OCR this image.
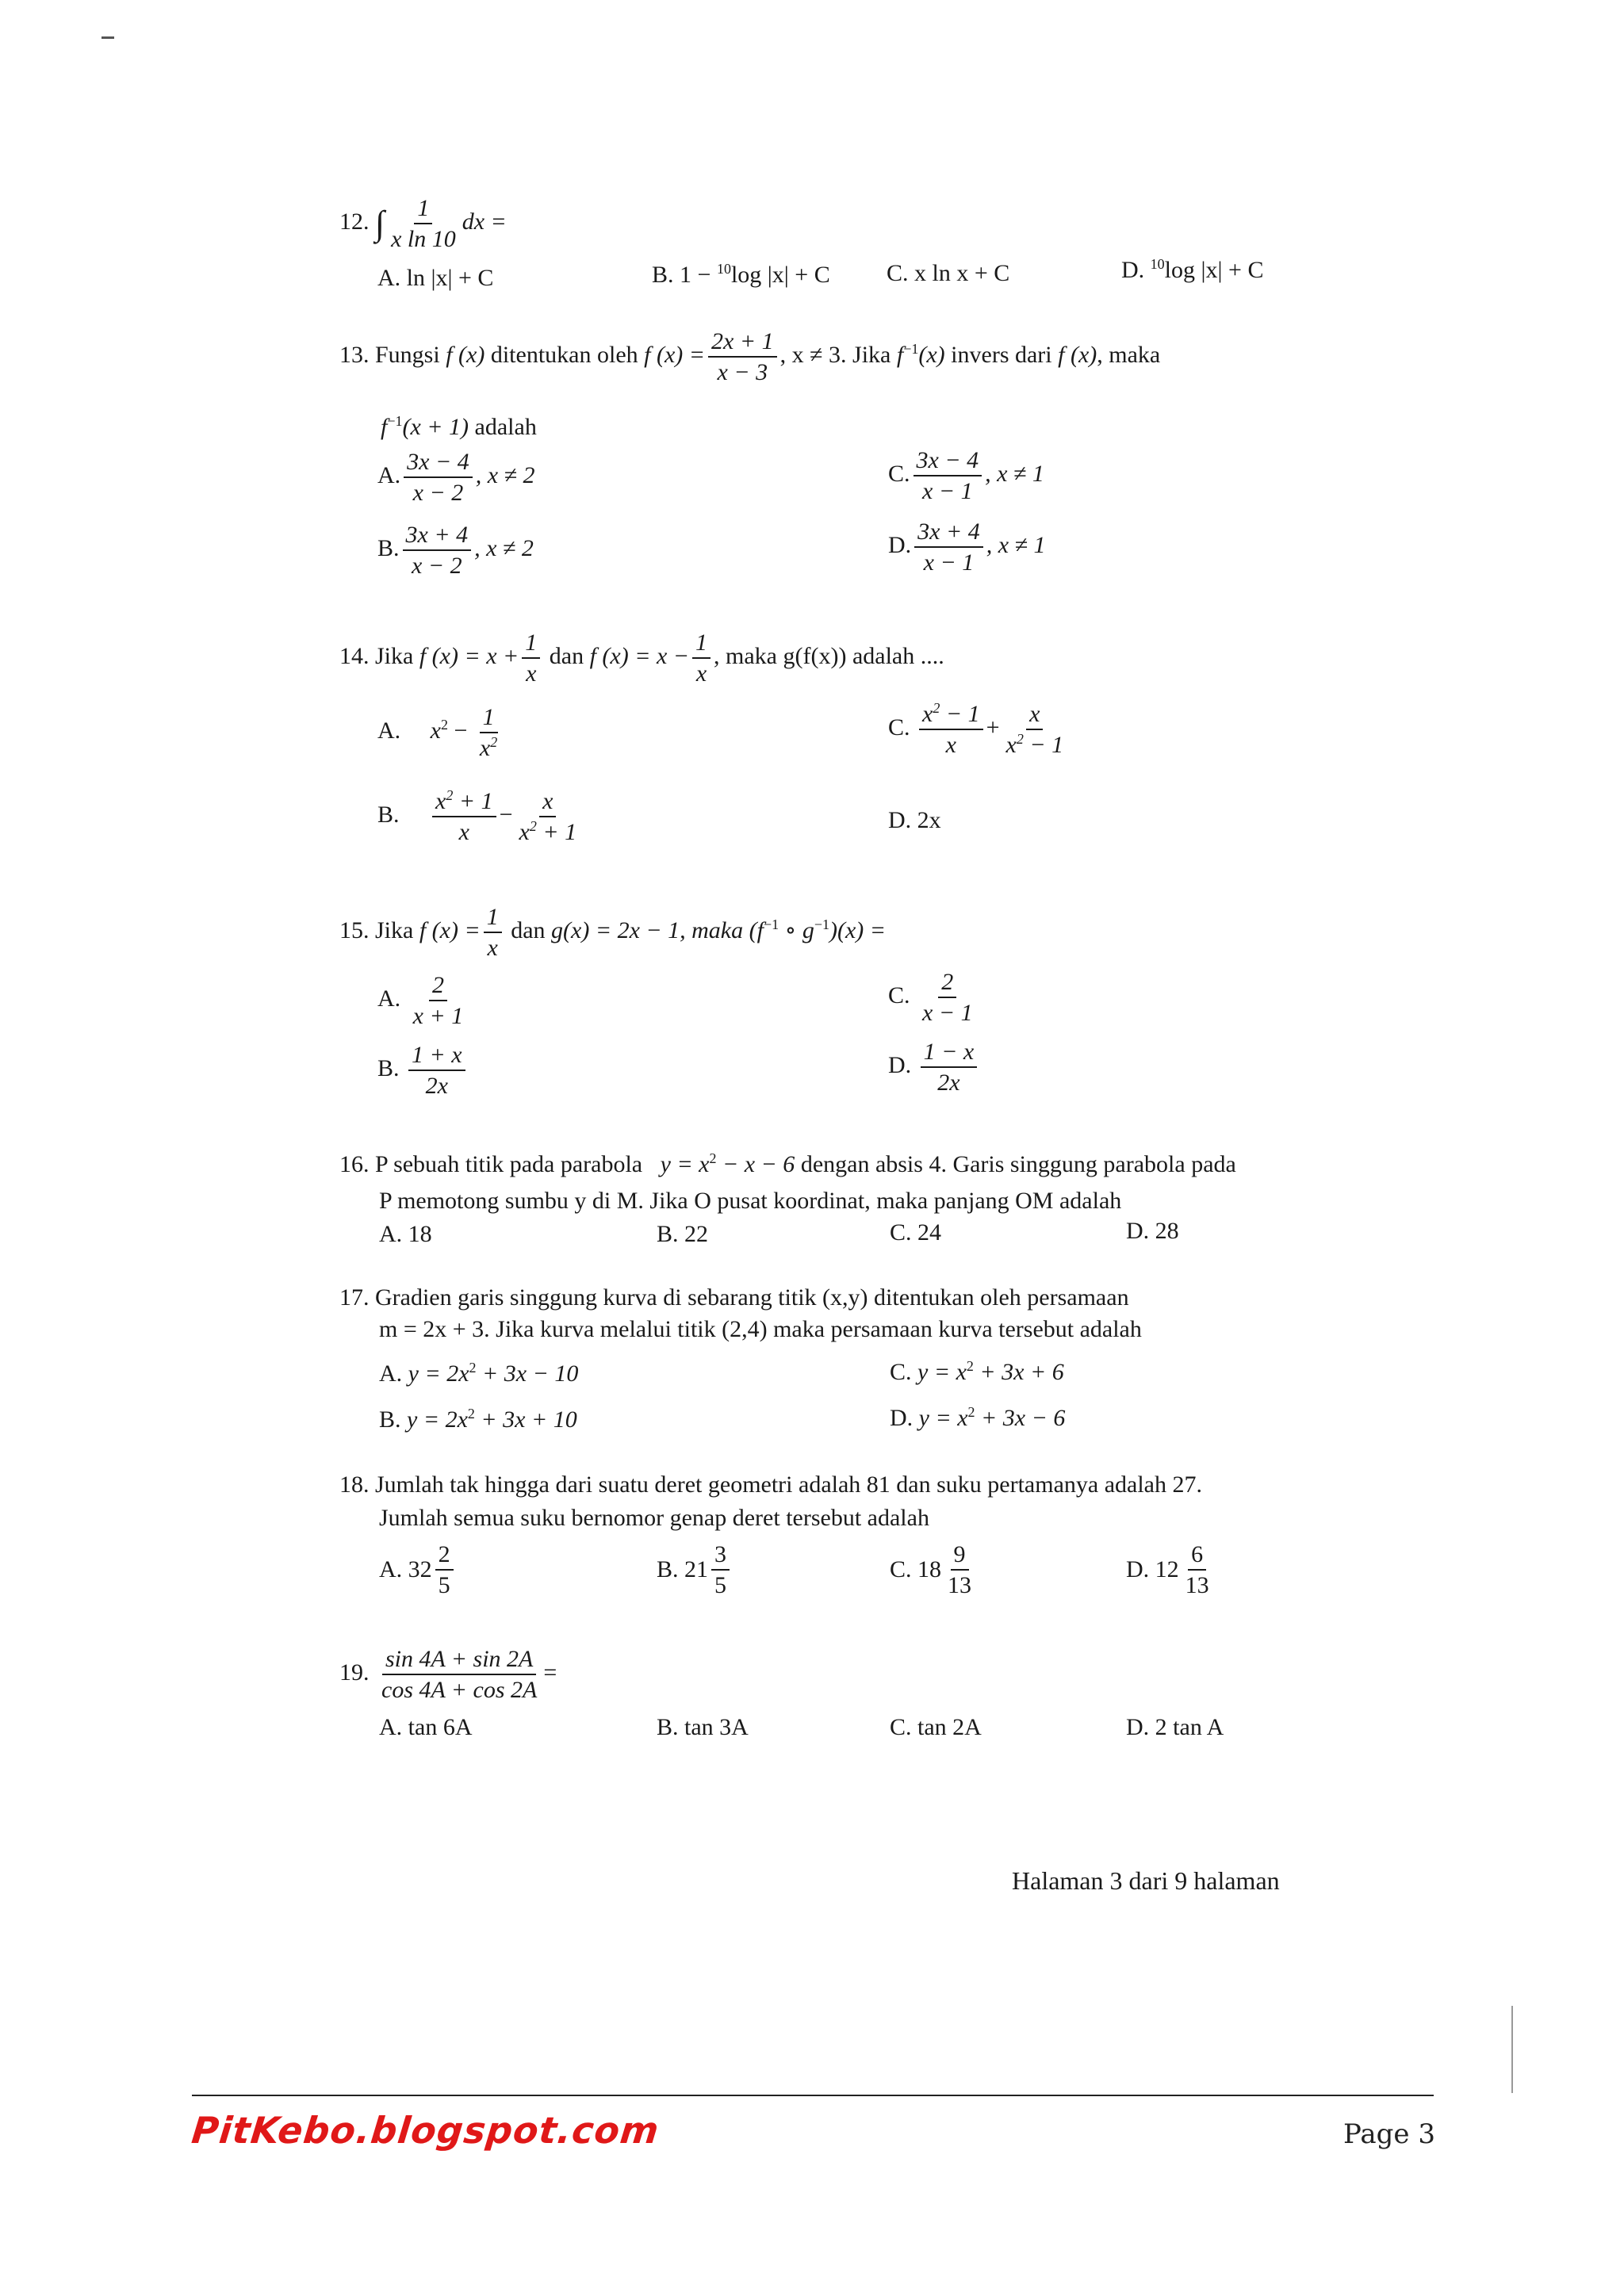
12. ∫ $\frac{1}{\text{x ln 10}}$ dx =
A. ln |x| + C	B. 1 − $^{10}$log |x| + C C. x ln x + C	D. $^{10}$log |x| + C
13. Fungsi f (x) ditentukan oleh f $(x) = \frac{2x + 1}{x - 3}$ , x ≠ 3. Jika $f^{-1}(x)$ invers dari f (x), maka
$f^{-1}(x + 1)$ adalah
A. $\frac{3x - 4}{x - 2}$ , x ≠ 2
B. $\frac{3x + 4}{x - 2}$ , x ≠ 2
C. $\frac{3x - 4}{x - 1}$ , x ≠ 1
D. $\frac{3x + 4}{x - 1}$ , x ≠ 1
14. Jika f $(x) = x + \frac{1}{x}$ dan f $(x) = x - \frac{1}{x}$ , maka g(f(x)) adalah ....
A. $x^2 - \frac{1}{x^2}$
B. $\frac{x^2 + 1}{x} - \frac{x}{x^2 + 1}$
C. $\frac{x^2 - 1}{x} + \frac{x}{x^2 - 1}$
D. 2x
15. Jika f $(x) = \frac{1}{x}$ dan g(x) = 2x − 1, maka ($f^{-1}$ ∘ $g^{-1})(x)$ =
A. $\frac{2}{x + 1}$
B. $\frac{1 + x}{2x}$
C. $\frac{2}{x - 1}$
D. $\frac{1 - x}{2x}$
16. P sebuah titik pada parabola $y = x^2 - x - 6$ dengan absis 4. Garis singgung parabola pada
P memotong sumbu y di M. Jika O pusat koordinat, maka panjang OM adalah
A. 18	B. 22	C. 24	D. 28
17. Gradien garis singgung kurva di sebarang titik (x,y) ditentukan oleh persamaan
m = 2x + 3. Jika kurva melalui titik (2,4) maka persamaan kurva tersebut adalah
A. $y = 2x^2 + 3x - 10$
B. $y = 2x^2 + 3x + 10$
C. $y = x^2 + 3x + 6$
D. $y = x^2 + 3x - 6$
18. Jumlah tak hingga dari suatu deret geometri adalah 81 dan suku pertamanya adalah 27.
Jumlah semua suku bernomor genap deret tersebut adalah
A. $32 \frac{2}{5}$	B. $21 \frac{3}{5}$	C. $18 \frac{9}{13}$	D. $12 \frac{6}{13}$
19. $\frac{\sin 4A + \sin 2A}{\cos 4A + \cos 2A}$ =
A. tan 6A	B. tan 3A	C. tan 2A	D. 2 tan A
Halaman 3 dari 9 halaman
PitKebo.blogspot.com	Page 3
